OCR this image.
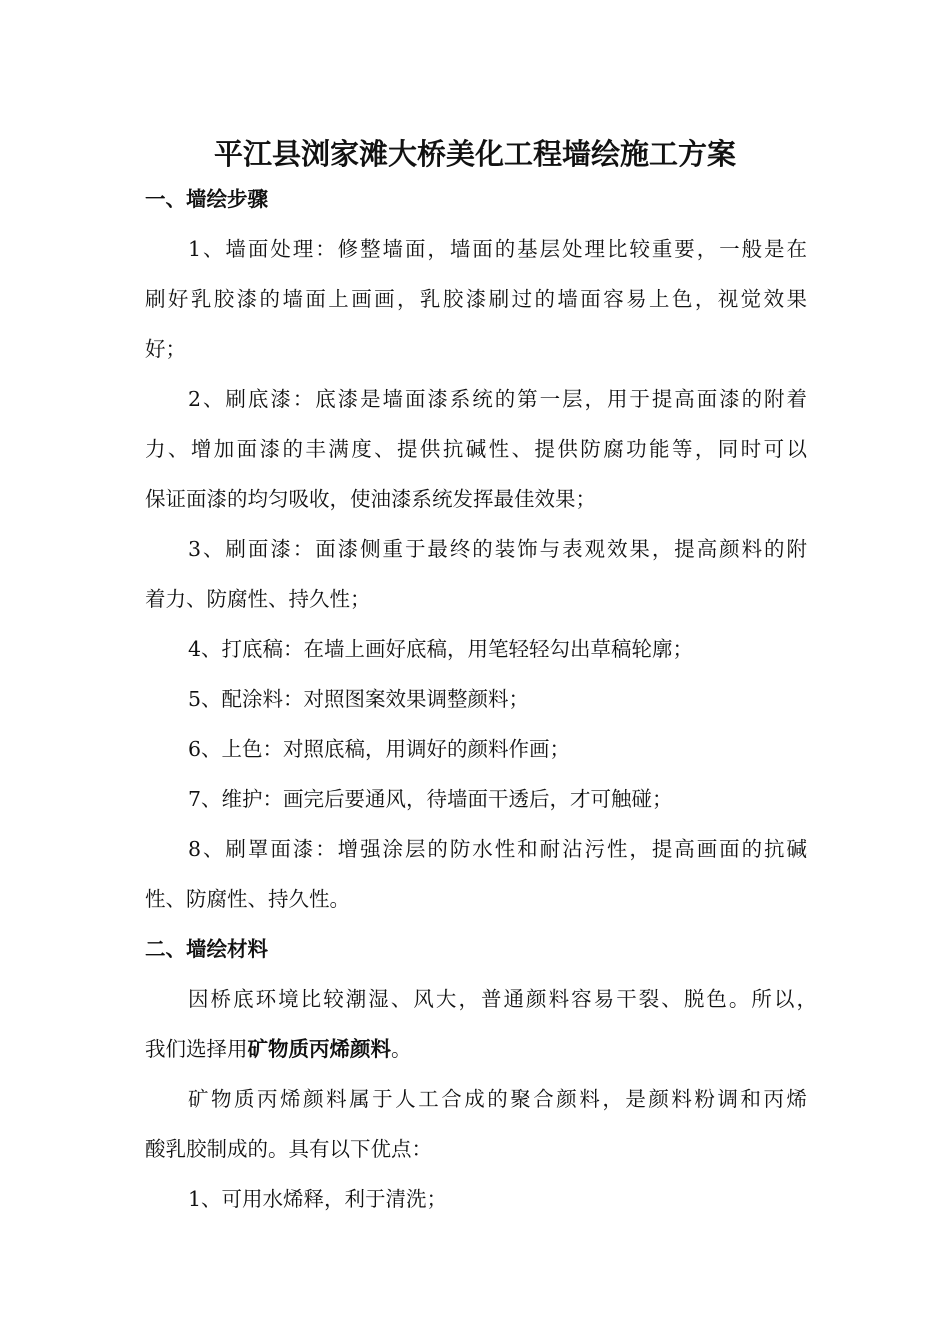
平江县浏家滩大桥美化工程墙绘施工方案
一、墙绘步骤
1、墙面处理：修整墙面，墙面的基层处理比较重要，一般是在
刷好乳胶漆的墙面上画画，乳胶漆刷过的墙面容易上色，视觉效果
好；
2、刷底漆：底漆是墙面漆系统的第一层，用于提高面漆的附着
力、增加面漆的丰满度、提供抗碱性、提供防腐功能等，同时可以
保证面漆的均匀吸收，使油漆系统发挥最佳效果；
3、刷面漆：面漆侧重于最终的装饰与表观效果，提高颜料的附
着力、防腐性、持久性；
4、打底稿：在墙上画好底稿，用笔轻轻勾出草稿轮廓；
5、配涂料：对照图案效果调整颜料；
6、上色：对照底稿，用调好的颜料作画；
7、维护：画完后要通风，待墙面干透后，才可触碰；
8、刷罩面漆：增强涂层的防水性和耐沾污性，提高画面的抗碱
性、防腐性、持久性。
二、墙绘材料
因桥底环境比较潮湿、风大，普通颜料容易干裂、脱色。所以，
我们选择用矿物质丙烯颜料。
矿物质丙烯颜料属于人工合成的聚合颜料，是颜料粉调和丙烯
酸乳胶制成的。具有以下优点：
1、可用水烯释，利于清洗；
